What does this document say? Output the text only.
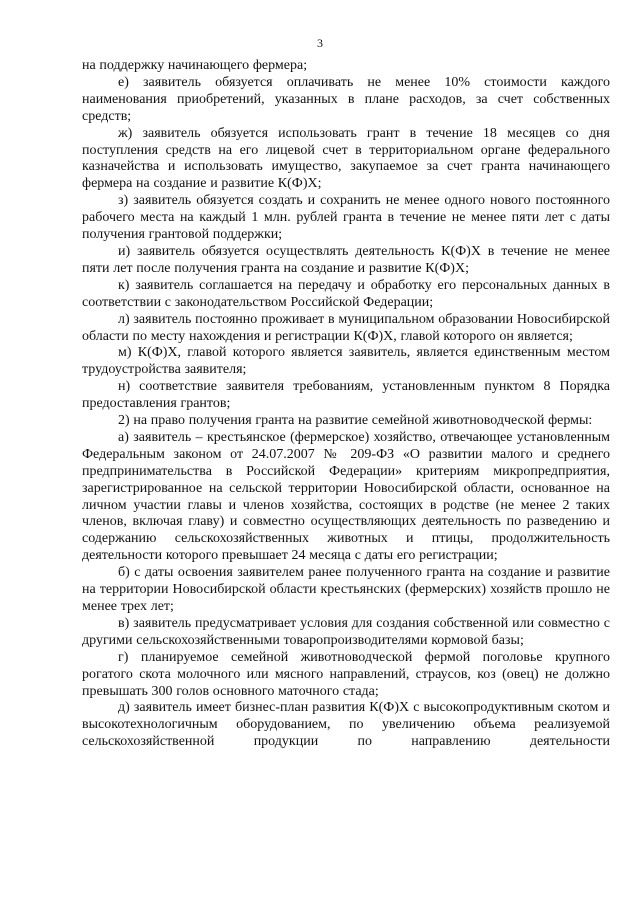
3

на поддержку начинающего фермера;

е) заявитель обязуется оплачивать не менее 10% стоимости каждого наименования приобретений, указанных в плане расходов, за счет собственных средств;

ж) заявитель обязуется использовать грант в течение 18 месяцев со дня поступления средств на его лицевой счет в территориальном органе федерального казначейства и использовать имущество, закупаемое за счет гранта начинающего фермера на создание и развитие К(Ф)Х;

з) заявитель обязуется создать и сохранить не менее одного нового постоянного рабочего места на каждый 1 млн. рублей гранта в течение не менее пяти лет с даты получения грантовой поддержки;

и) заявитель обязуется осуществлять деятельность К(Ф)Х в течение не менее пяти лет после получения гранта на создание и развитие К(Ф)Х;

к) заявитель соглашается на передачу и обработку его персональных данных в соответствии с законодательством Российской Федерации;

л) заявитель постоянно проживает в муниципальном образовании Новосибирской области по месту нахождения и регистрации К(Ф)Х, главой которого он является;

м) К(Ф)Х, главой которого является заявитель, является единственным местом трудоустройства заявителя;

н) соответствие заявителя требованиям, установленным пунктом 8 Порядка предоставления грантов;

2) на право получения гранта на развитие семейной животноводческой фермы:

а) заявитель – крестьянское (фермерское) хозяйство, отвечающее установленным Федеральным законом от 24.07.2007 № 209-ФЗ «О развитии малого и среднего предпринимательства в Российской Федерации» критериям микропредприятия, зарегистрированное на сельской территории Новосибирской области, основанное на личном участии главы и членов хозяйства, состоящих в родстве (не менее 2 таких членов, включая главу) и совместно осуществляющих деятельность по разведению и содержанию сельскохозяйственных животных и птицы, продолжительность деятельности которого превышает 24 месяца с даты его регистрации;

б) с даты освоения заявителем ранее полученного гранта на создание и развитие на территории Новосибирской области крестьянских (фермерских) хозяйств прошло не менее трех лет;

в) заявитель предусматривает условия для создания собственной или совместно с другими сельскохозяйственными товаропроизводителями кормовой базы;

г) планируемое семейной животноводческой фермой поголовье крупного рогатого скота молочного или мясного направлений, страусов, коз (овец) не должно превышать 300 голов основного маточного стада;

д) заявитель имеет бизнес-план развития К(Ф)Х с высокопродуктивным скотом и высокотехнологичным оборудованием, по увеличению объема реализуемой сельскохозяйственной продукции по направлению деятельности
